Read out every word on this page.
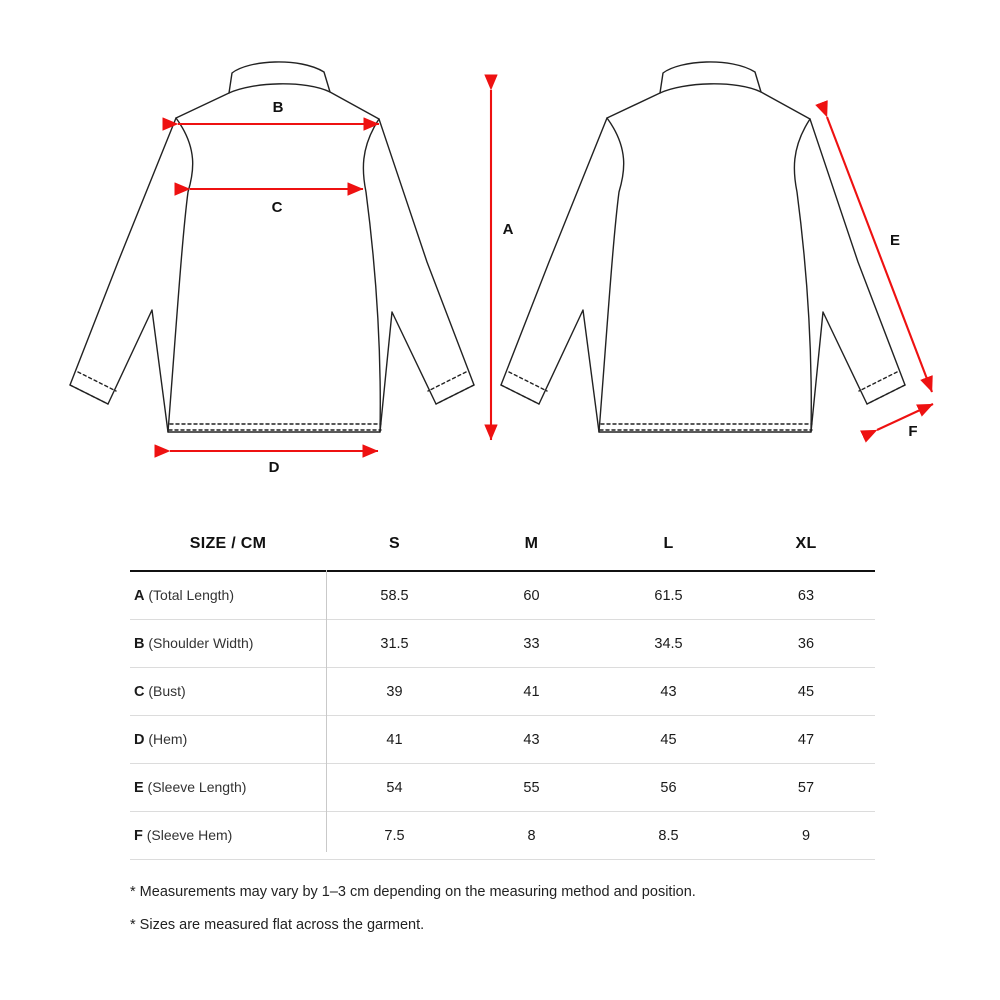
B
C
D
A
E
F
SIZE / CM	S	M	L	XL
A (Total Length)	58.5	60	61.5	63
B (Shoulder Width)	31.5	33	34.5	36
C (Bust)	39	41	43	45
D (Hem)	41	43	45	47
E (Sleeve Length)	54	55	56	57
F (Sleeve Hem)	7.5	8	8.5	9

* Measurements may vary by 1–3 cm depending on the measuring method and position.

* Sizes are measured flat across the garment.
